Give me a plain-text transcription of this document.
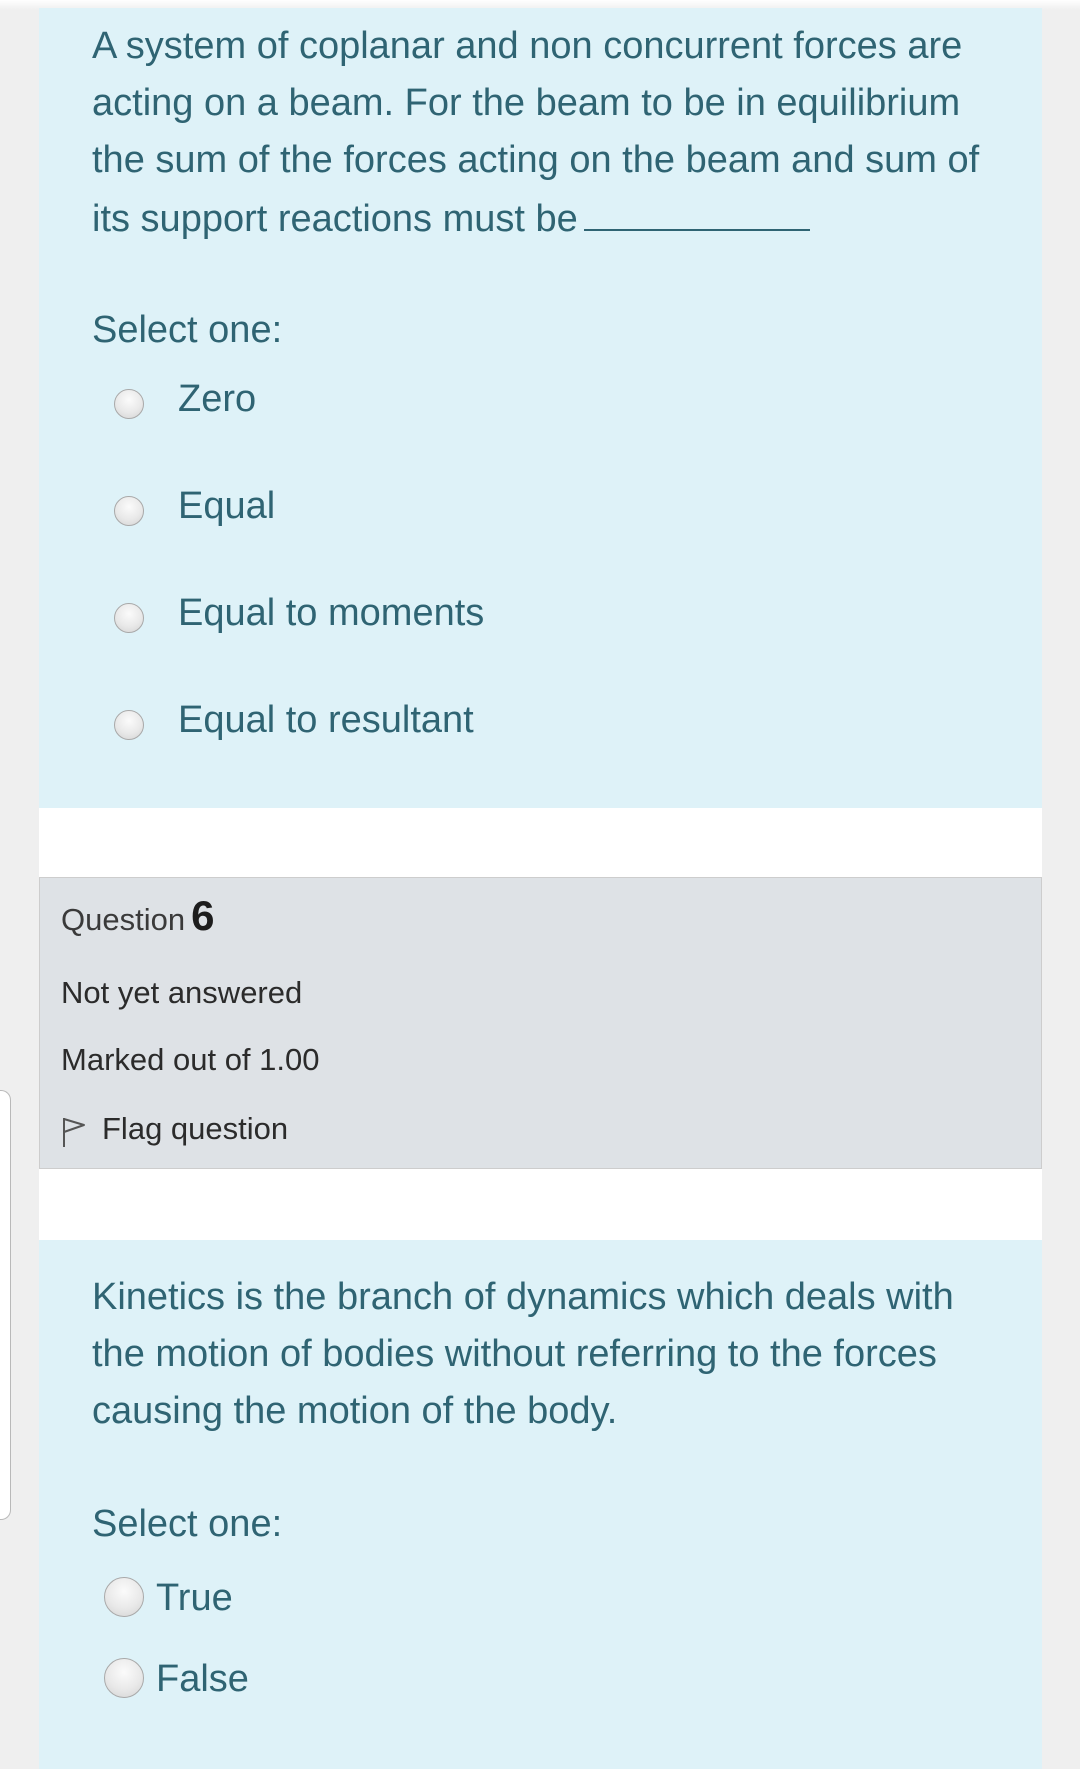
A system of coplanar and non concurrent forces are acting on a beam. For the beam to be in equilibrium the sum of the forces acting on the beam and sum of its support reactions must be
Select one:
Zero
Equal
Equal to moments
Equal to resultant
Question 6
Not yet answered
Marked out of 1.00
Flag question
Kinetics is the branch of dynamics which deals with the motion of bodies without referring to the forces causing the motion of the body.
Select one:
True
False
